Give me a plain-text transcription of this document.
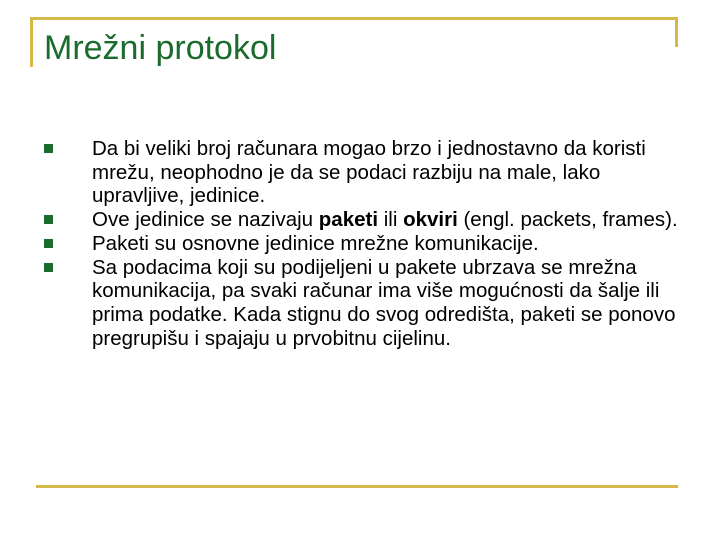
Mrežni protokol
Da bi veliki broj računara mogao brzo i jednostavno da koristi mrežu, neophodno je da se podaci razbiju na male, lako upravljive, jedinice.
Ove jedinice se nazivaju paketi ili okviri (engl. packets, frames).
Paketi su osnovne jedinice mrežne komunikacije.
Sa podacima koji su podijeljeni u pakete ubrzava se mrežna komunikacija, pa svaki računar ima više mogućnosti da šalje ili prima podatke. Kada stignu do svog odredišta, paketi se ponovo pregrupišu i spajaju u prvobitnu cijelinu.
